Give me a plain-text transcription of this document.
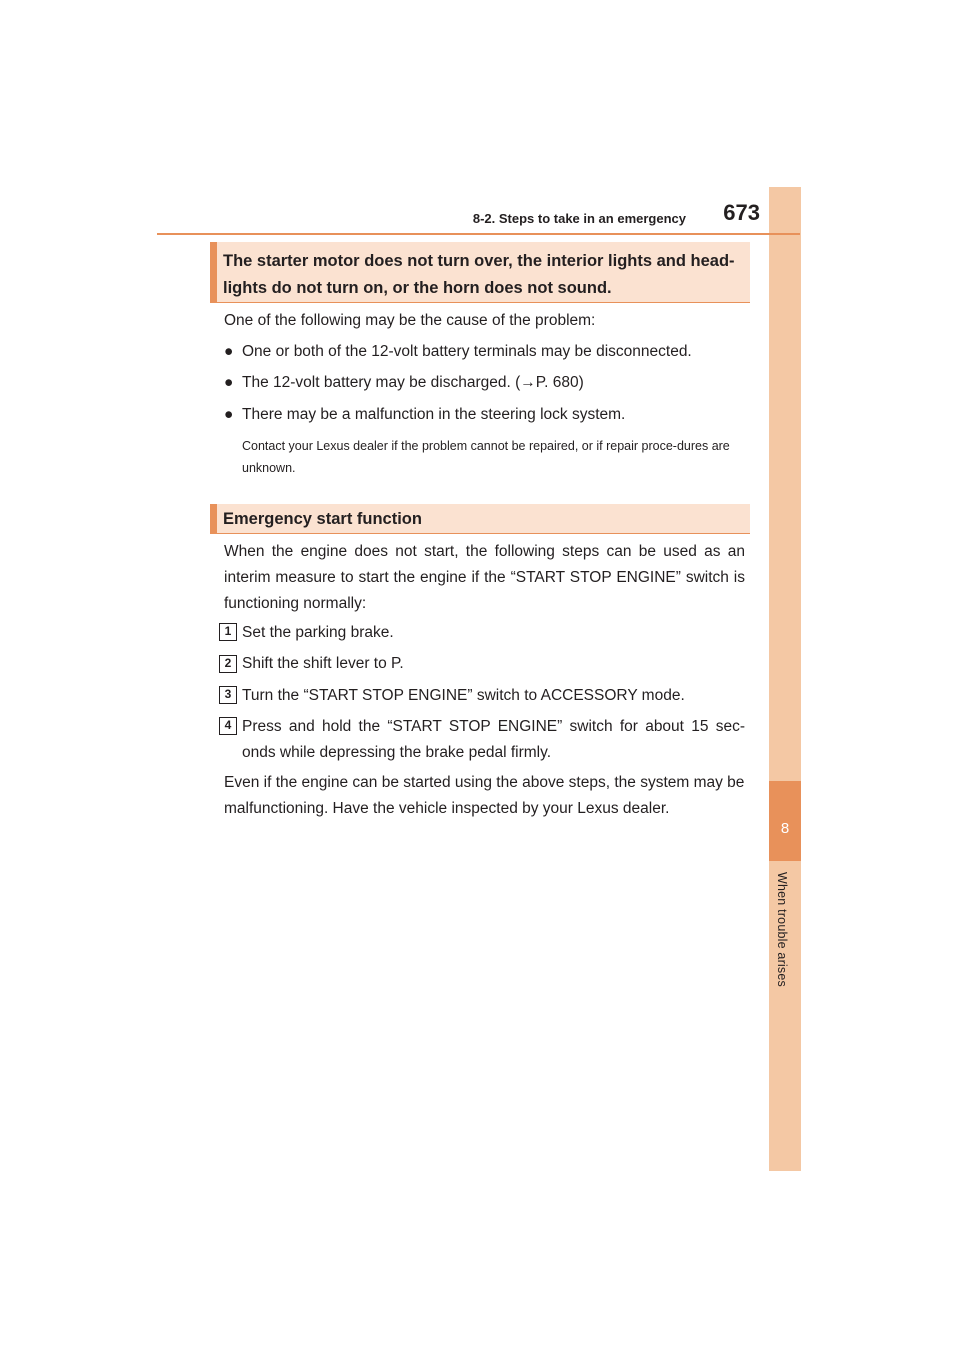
8
When trouble arises
8-2. Steps to take in an emergency	673
The starter motor does not turn over, the interior lights and head-
lights do not turn on, or the horn does not sound.

One of the following may be the cause of the problem:

● One or both of the 12-volt battery terminals may be disconnected.
● The 12-volt battery may be discharged. (→P. 680)
● There may be a malfunction in the steering lock system.

Contact your Lexus dealer if the problem cannot be repaired, or if repair proce-dures are unknown.

Emergency start function

When the engine does not start, the following steps can be used as an interim measure to start the engine if the “START STOP ENGINE” switch is functioning normally:

1 Set the parking brake.

2 Shift the shift lever to P.

3 Turn the “START STOP ENGINE” switch to ACCESSORY mode.

4 Press and hold the “START STOP ENGINE” switch for about 15 sec-onds while depressing the brake pedal firmly.

Even if the engine can be started using the above steps, the system may be malfunctioning. Have the vehicle inspected by your Lexus dealer.
